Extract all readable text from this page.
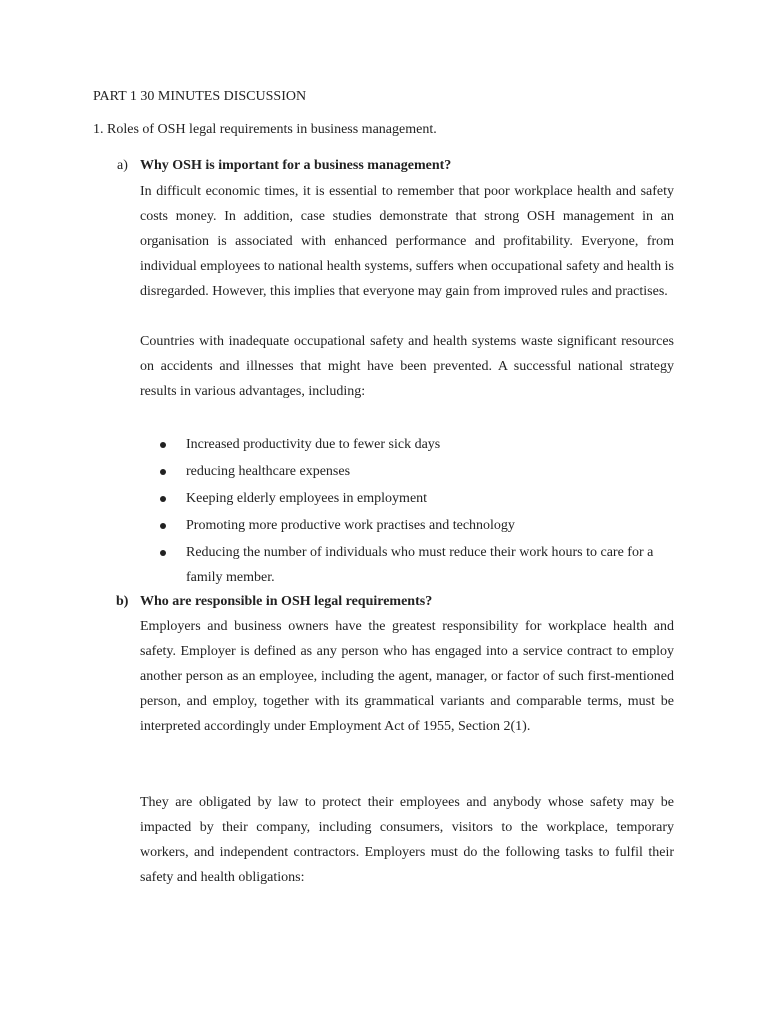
PART 1 30 MINUTES DISCUSSION
1. Roles of OSH legal requirements in business management.
a) Why OSH is important for a business management?

In difficult economic times, it is essential to remember that poor workplace health and safety costs money. In addition, case studies demonstrate that strong OSH management in an organisation is associated with enhanced performance and profitability. Everyone, from individual employees to national health systems, suffers when occupational safety and health is disregarded. However, this implies that everyone may gain from improved rules and practises.

Countries with inadequate occupational safety and health systems waste significant resources on accidents and illnesses that might have been prevented. A successful national strategy results in various advantages, including:

Increased productivity due to fewer sick days
reducing healthcare expenses
Keeping elderly employees in employment
Promoting more productive work practises and technology
Reducing the number of individuals who must reduce their work hours to care for a family member.
b) Who are responsible in OSH legal requirements?

Employers and business owners have the greatest responsibility for workplace health and safety. Employer is defined as any person who has engaged into a service contract to employ another person as an employee, including the agent, manager, or factor of such first-mentioned person, and employ, together with its grammatical variants and comparable terms, must be interpreted accordingly under Employment Act of 1955, Section 2(1).

They are obligated by law to protect their employees and anybody whose safety may be impacted by their company, including consumers, visitors to the workplace, temporary workers, and independent contractors. Employers must do the following tasks to fulfil their safety and health obligations:
